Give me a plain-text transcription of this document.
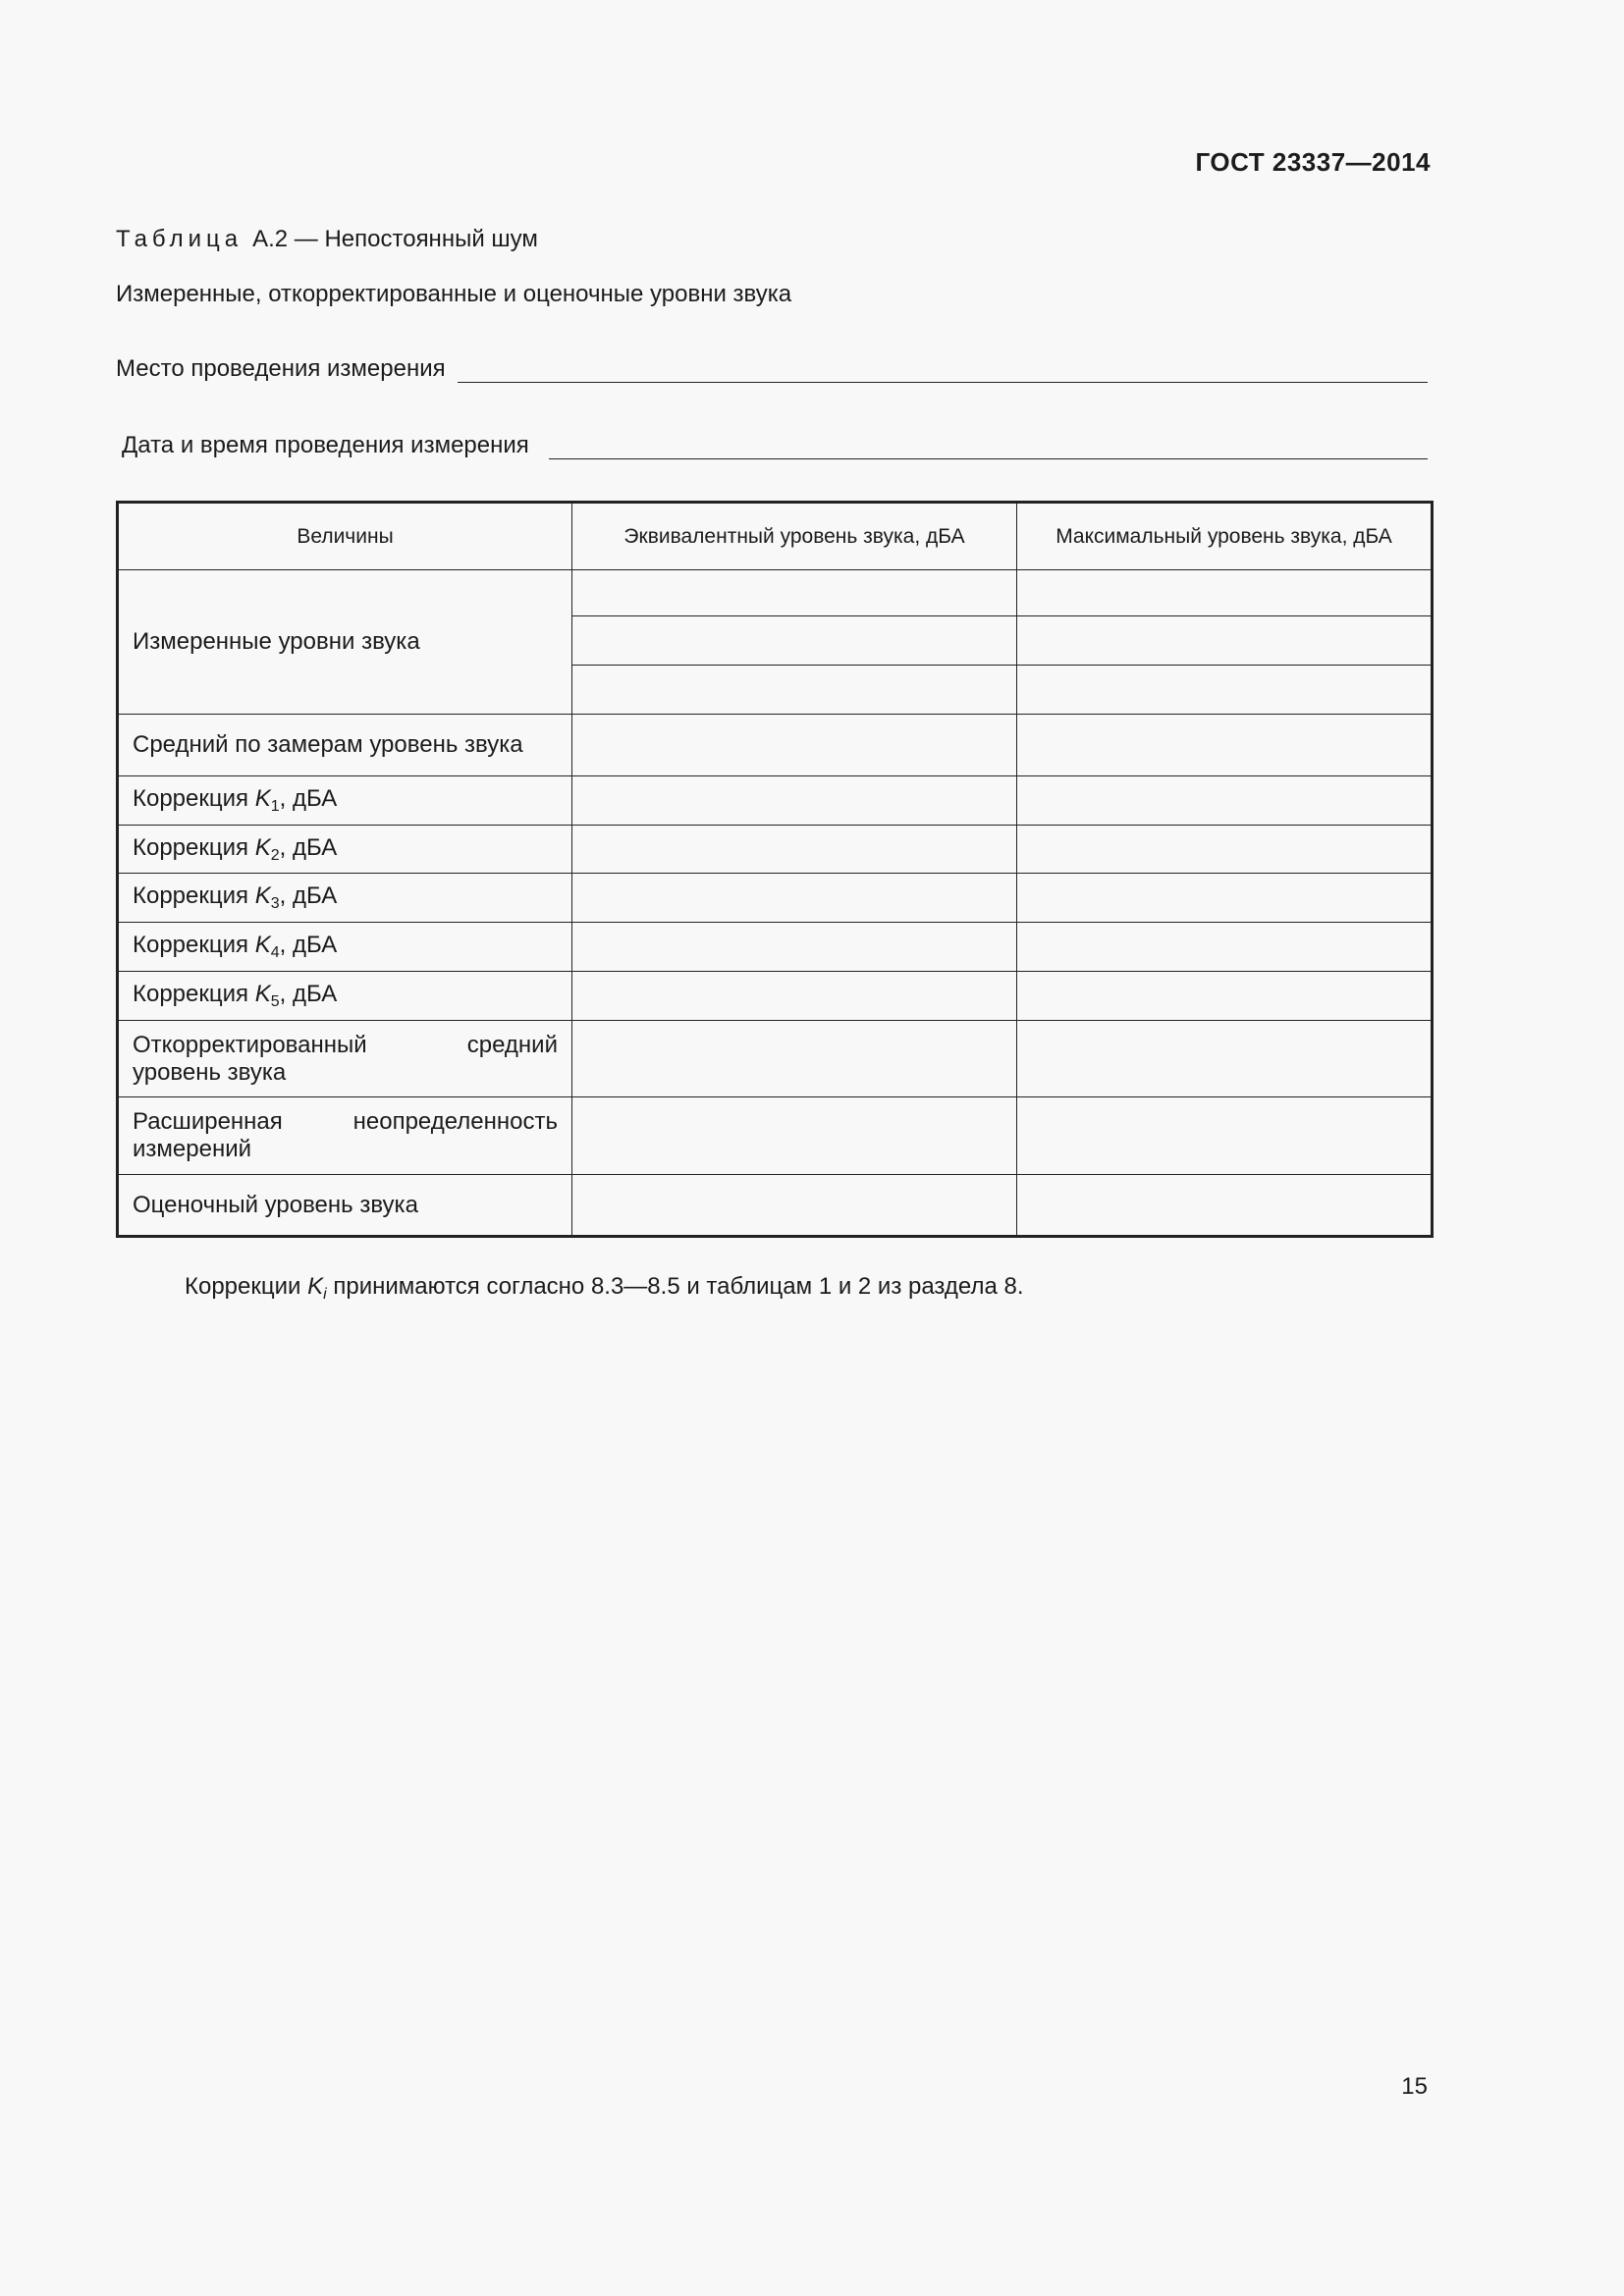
ГОСТ 23337—2014
Таблица А.2 — Непостоянный шум
Измеренные, откорректированные и оценочные уровни звука
Место проведения измерения
Дата и время проведения измерения
Величины	Эквивалентный уровень звука, дБА	Максимальный уровень звука, дБА
Измеренные уровни звука		

Средний по замерам уровень звука		
Коррекция $K_1$, дБА		
Коррекция $K_2$, дБА		
Коррекция $K_3$, дБА		
Коррекция $K_4$, дБА		
Коррекция $K_5$, дБА		
Откорректированный средний уровень звука		
Расширенная неопределенность измерений		
Оценочный уровень звука		
Коррекции $K_i$ принимаются согласно 8.3—8.5 и таблицам 1 и 2 из раздела 8.
15
